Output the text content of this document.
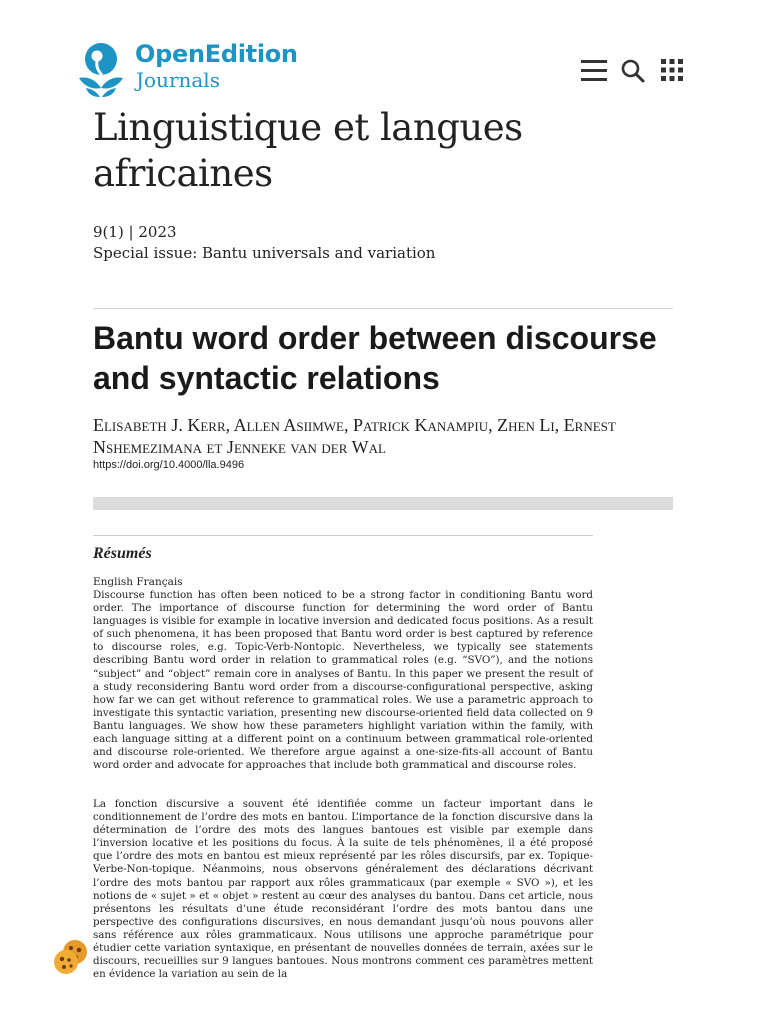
OpenEdition
Journals
Linguistique et langues africaines
9(1) | 2023
Special issue: Bantu universals and variation
Bantu word order between discourse and syntactic relations
Elisabeth J. Kerr, Allen Asiimwe, Patrick Kanampiu, Zhen Li, Ernest Nshemezimana et Jenneke van der Wal
https://doi.org/10.4000/lla.9496
Résumés
English Français

Discourse function has often been noticed to be a strong factor in conditioning Bantu word order. The importance of discourse function for determining the word order of Bantu languages is visible for example in locative inversion and dedicated focus positions. As a result of such phenomena, it has been proposed that Bantu word order is best captured by reference to discourse roles, e.g. Topic-Verb-Nontopic. Nevertheless, we typically see statements describing Bantu word order in relation to grammatical roles (e.g. “SVO”), and the notions “subject” and “object” remain core in analyses of Bantu. In this paper we present the result of a study reconsidering Bantu word order from a discourse-configurational perspective, asking how far we can get without reference to grammatical roles. We use a parametric approach to investigate this syntactic variation, presenting new discourse-oriented field data collected on 9 Bantu languages. We show how these parameters highlight variation within the family, with each language sitting at a different point on a continuum between grammatical role-oriented and discourse role-oriented. We therefore argue against a one-size-fits-all account of Bantu word order and advocate for approaches that include both grammatical and discourse roles.

La fonction discursive a souvent été identifiée comme un facteur important dans le conditionnement de l’ordre des mots en bantou. L’importance de la fonction discursive dans la détermination de l’ordre des mots des langues bantoues est visible par exemple dans l’inversion locative et les positions du focus. À la suite de tels phénomènes, il a été proposé que l’ordre des mots en bantou est mieux représenté par les rôles discursifs, par ex. Topique-Verbe-Non-topique. Néanmoins, nous observons généralement des déclarations décrivant l’ordre des mots bantou par rapport aux rôles grammaticaux (par exemple « SVO »), et les notions de « sujet » et « objet » restent au cœur des analyses du bantou. Dans cet article, nous présentons les résultats d’une étude reconsidérant l’ordre des mots bantou dans une perspective des configurations discursives, en nous demandant jusqu’où nous pouvons aller sans référence aux rôles grammaticaux. Nous utilisons une approche paramétrique pour étudier cette variation syntaxique, en présentant de nouvelles données de terrain, axées sur le discours, recueillies sur 9 langues bantoues. Nous montrons comment ces paramètres mettent en évidence la variation au sein de la
